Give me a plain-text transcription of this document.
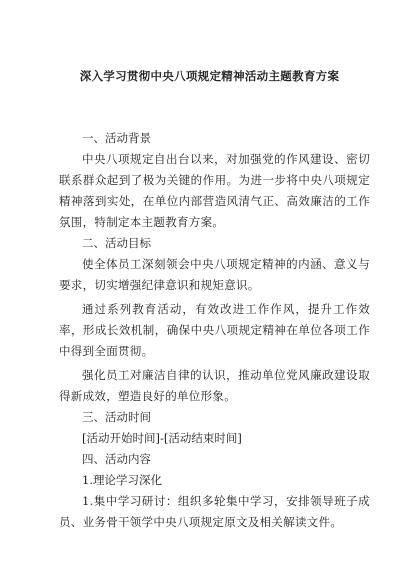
深入学习贯彻中央八项规定精神活动主题教育方案

一、活动背景

中央八项规定自出台以来，对加强党的作风建设、密切联系群众起到了极为关键的作用。为进一步将中央八项规定精神落到实处，在单位内部营造风清气正、高效廉洁的工作氛围，特制定本主题教育方案。

二、活动目标

使全体员工深刻领会中央八项规定精神的内涵、意义与要求，切实增强纪律意识和规矩意识。

通过系列教育活动，有效改进工作作风，提升工作效率，形成长效机制，确保中央八项规定精神在单位各项工作中得到全面贯彻。

强化员工对廉洁自律的认识，推动单位党风廉政建设取得新成效，塑造良好的单位形象。

三、活动时间

[活动开始时间]-[活动结束时间]

四、活动内容

1.理论学习深化

1.集中学习研讨：组织多轮集中学习，安排领导班子成员、业务骨干领学中央八项规定原文及相关解读文件。
